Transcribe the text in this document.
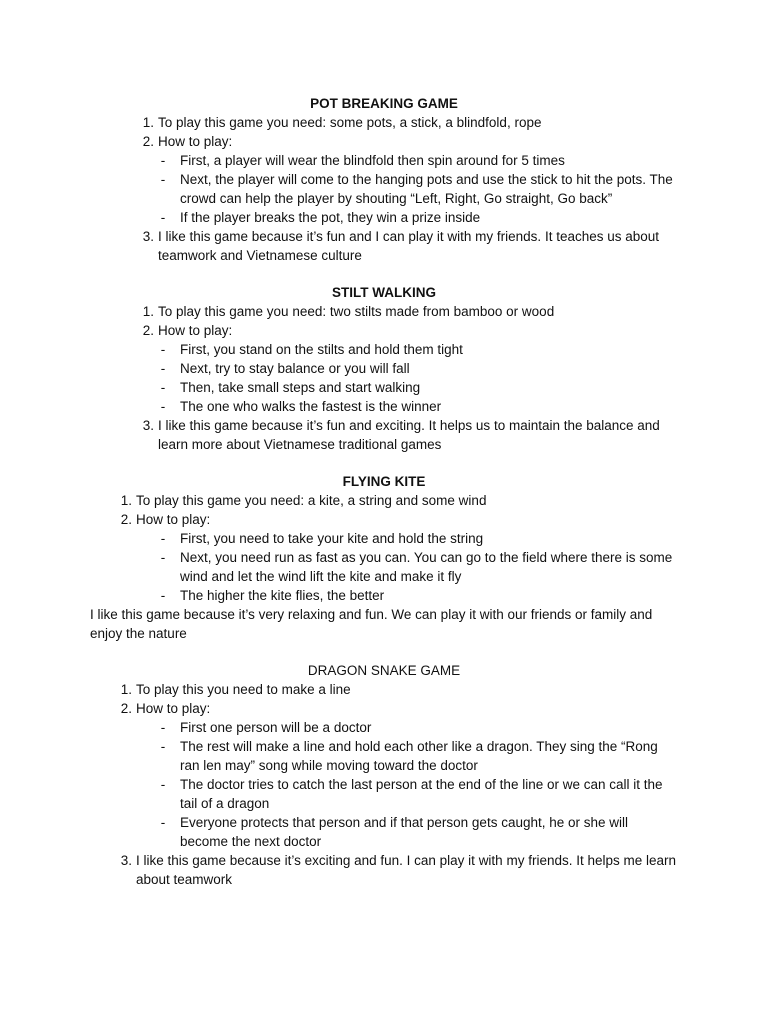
POT BREAKING GAME
1. To play this game you need: some pots, a stick, a blindfold, rope
2. How to play:
- First, a player will wear the blindfold then spin around for 5 times
- Next, the player will come to the hanging pots and use the stick to hit the pots. The crowd can help the player by shouting “Left, Right, Go straight, Go back”
- If the player breaks the pot, they win a prize inside
3. I like this game because it’s fun and I can play it with my friends. It teaches us about teamwork and Vietnamese culture
STILT WALKING
1. To play this game you need: two stilts made from bamboo or wood
2. How to play:
- First, you stand on the stilts and hold them tight
- Next, try to stay balance or you will fall
- Then, take small steps and start walking
- The one who walks the fastest is the winner
3. I like this game because it’s fun and exciting. It helps us to maintain the balance and learn more about Vietnamese traditional games
FLYING KITE
1. To play this game you need: a kite, a string and some wind
2. How to play:
- First, you need to take your kite and hold the string
- Next, you need run as fast as you can. You can go to the field where there is some wind and let the wind lift the kite and make it fly
- The higher the kite flies, the better
I like this game because it’s very relaxing and fun. We can play it with our friends or family and enjoy the nature
DRAGON SNAKE GAME
1. To play this you need to make a line
2. How to play:
- First one person will be a doctor
- The rest will make a line and hold each other like a dragon. They sing the “Rong ran len may” song while moving toward the doctor
- The doctor tries to catch the last person at the end of the line or we can call it the tail of a dragon
- Everyone protects that person and if that person gets caught, he or she will become the next doctor
3. I like this game because it’s exciting and fun. I can play it with my friends. It helps me learn about teamwork
